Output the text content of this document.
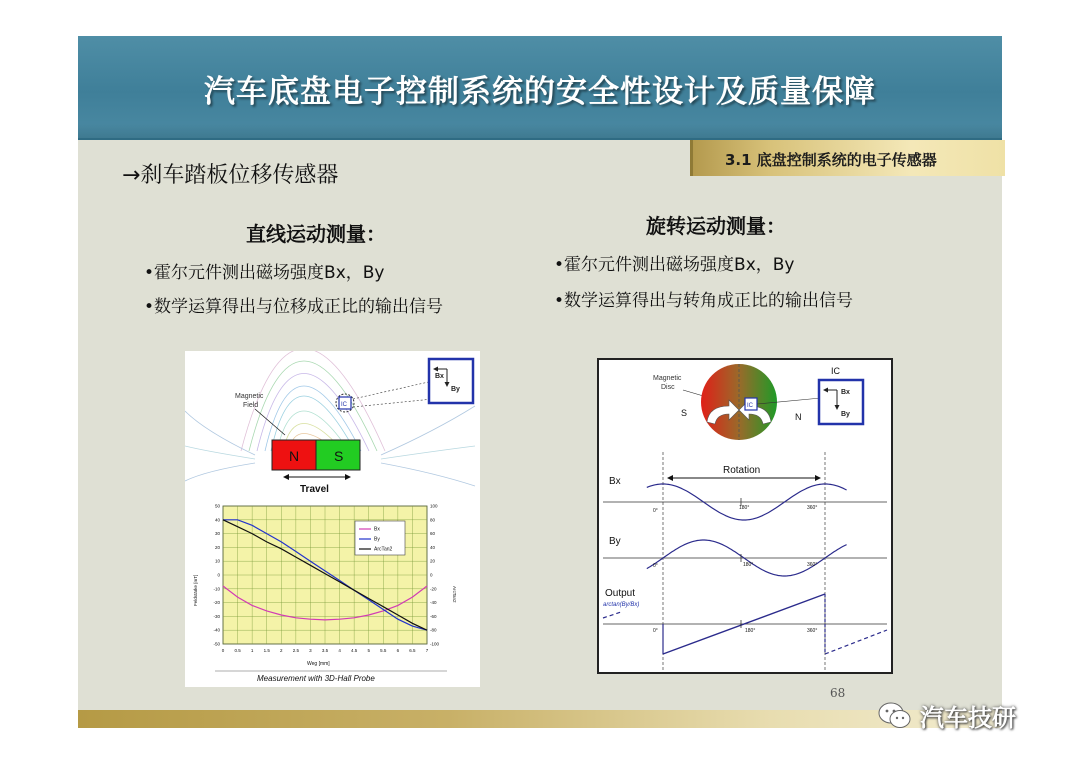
汽车底盘电子控制系统的安全性设计及质量保障
3.1 底盘控制系统的电子传感器
→刹车踏板位移传感器
直线运动测量：
•霍尔元件测出磁场强度Bx，By
•数学运算得出与位移成正比的输出信号
旋转运动测量：
•霍尔元件测出磁场强度Bx，By
•数学运算得出与转角成正比的输出信号
Magnetic
Field	IC
Bx
By
N S
Travel
50
40
30
20
10
0
-10
-20
-30
-40
-50
100
80
60
40
20
0
-20
-40
-60
-80
-100
0 0.5 1 1.5 2 2.5 3 3.5 4 4.5 5 5.5 6 6.5 7
Bx
By
ArcTan2
Weg [mm]
Feldstärke [mT]	ArcTan2
Measurement with 3D-Hall Probe
Magnetic
Disc
IC
S	N
IC
Bx
By
Rotation
Bx
0°	180°	360°
By
0°	180°	360°
Output
arctan(By/Bx)
0°	180°	360°
68
汽车技研
